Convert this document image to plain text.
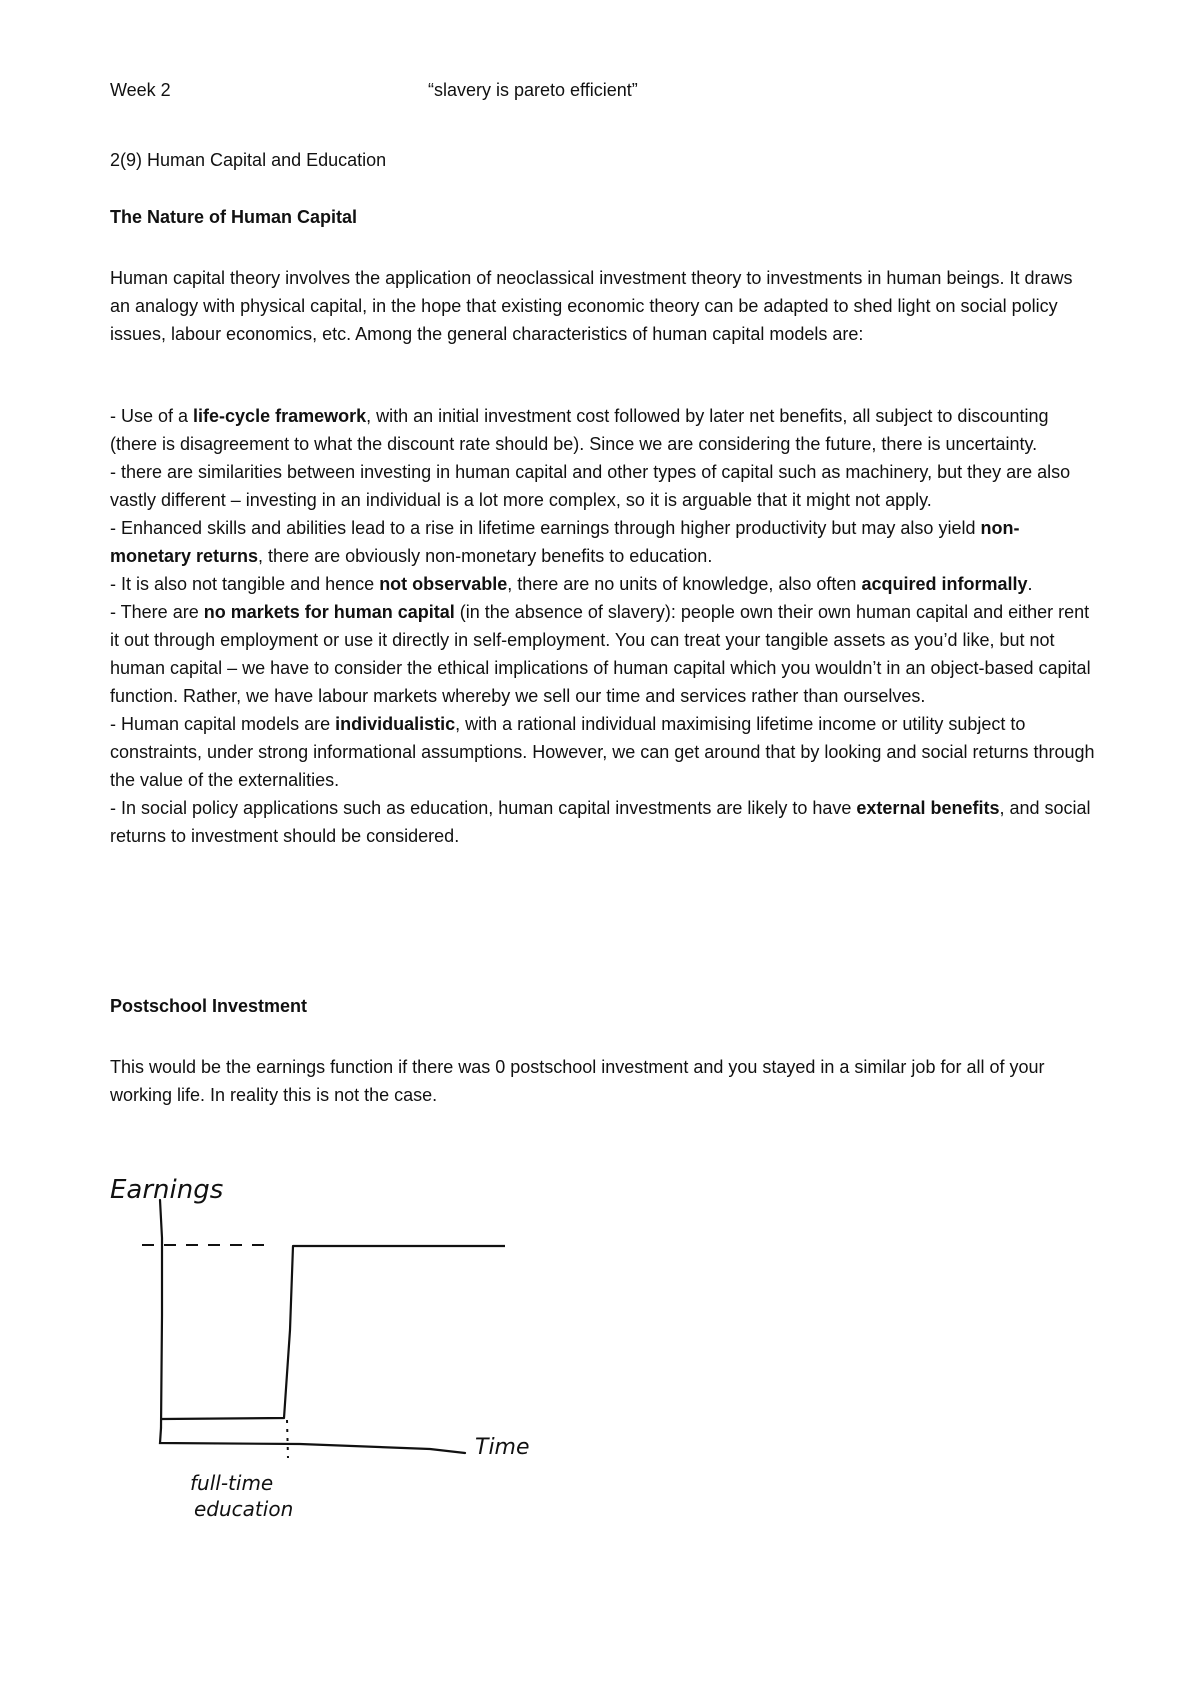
Week 2	“slavery is pareto efficient”
2(9) Human Capital and Education
The Nature of Human Capital

Human capital theory involves the application of neoclassical investment theory to investments in human beings. It draws an analogy with physical capital, in the hope that existing economic theory can be adapted to shed light on social policy issues, labour economics, etc. Among the general characteristics of human capital models are:

- Use of a life-cycle framework, with an initial investment cost followed by later net benefits, all subject to discounting (there is disagreement to what the discount rate should be). Since we are considering the future, there is uncertainty.
- there are similarities between investing in human capital and other types of capital such as machinery, but they are also vastly different – investing in an individual is a lot more complex, so it is arguable that it might not apply.
- Enhanced skills and abilities lead to a rise in lifetime earnings through higher productivity but may also yield non-monetary returns, there are obviously non-monetary benefits to education.
- It is also not tangible and hence not observable, there are no units of knowledge, also often acquired informally.
- There are no markets for human capital (in the absence of slavery): people own their own human capital and either rent it out through employment or use it directly in self-employment. You can treat your tangible assets as you’d like, but not human capital – we have to consider the ethical implications of human capital which you wouldn’t in an object-based capital function. Rather, we have labour markets whereby we sell our time and services rather than ourselves.
- Human capital models are individualistic, with a rational individual maximising lifetime income or utility subject to constraints, under strong informational assumptions. However, we can get around that by looking and social returns through the value of the externalities.
- In social policy applications such as education, human capital investments are likely to have external benefits, and social returns to investment should be considered.
Postschool Investment

This would be the earnings function if there was 0 postschool investment and you stayed in a similar job for all of your working life. In reality this is not the case.

Earnings
Time
full-time
education
